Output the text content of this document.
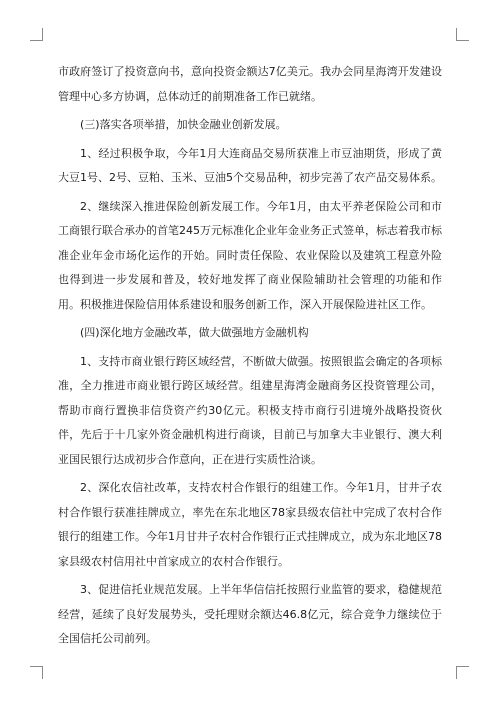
市政府签订了投资意向书，意向投资金额达7亿美元。我办会同星海湾开发建设管理中心多方协调，总体动迁的前期准备工作已就绪。

(三)落实各项举措，加快金融业创新发展。

1、经过积极争取，今年1月大连商品交易所获准上市豆油期货，形成了黄大豆1号、2号、豆粕、玉米、豆油5个交易品种，初步完善了农产品交易体系。

2、继续深入推进保险创新发展工作。今年1月，由太平养老保险公司和市工商银行联合承办的首笔245万元标准化企业年金业务正式签单，标志着我市标准企业年金市场化运作的开始。同时责任保险、农业保险以及建筑工程意外险也得到进一步发展和普及，较好地发挥了商业保险辅助社会管理的功能和作用。积极推进保险信用体系建设和服务创新工作，深入开展保险进社区工作。

(四)深化地方金融改革，做大做强地方金融机构

1、支持市商业银行跨区域经营，不断做大做强。按照银监会确定的各项标准，全力推进市商业银行跨区域经营。组建星海湾金融商务区投资管理公司，帮助市商行置换非信贷资产约30亿元。积极支持市商行引进境外战略投资伙伴，先后于十几家外资金融机构进行商谈，目前已与加拿大丰业银行、澳大利亚国民银行达成初步合作意向，正在进行实质性洽谈。

2、深化农信社改革，支持农村合作银行的组建工作。今年1月，甘井子农村合作银行获准挂牌成立，率先在东北地区78家县级农信社中完成了农村合作银行的组建工作。今年1月甘井子农村合作银行正式挂牌成立，成为东北地区78家县级农村信用社中首家成立的农村合作银行。

3、促进信托业规范发展。上半年华信信托按照行业监管的要求，稳健规范经营，延续了良好发展势头，受托理财余额达46.8亿元，综合竞争力继续位于全国信托公司前列。
